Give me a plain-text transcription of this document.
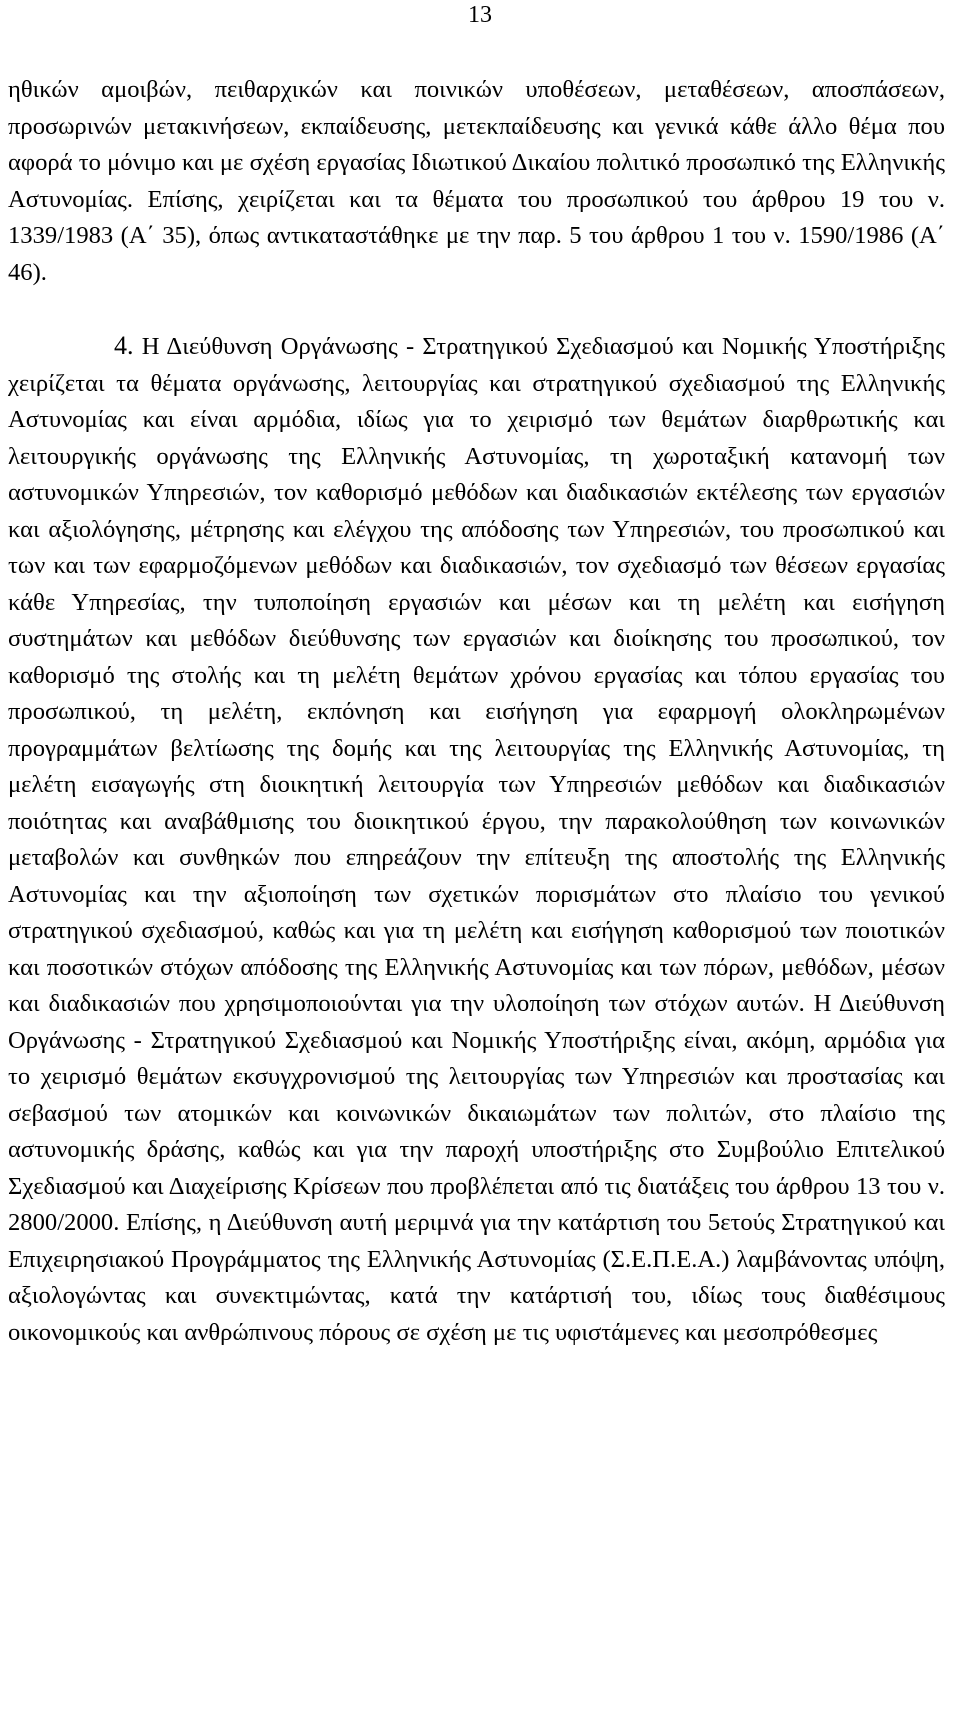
13

ηθικών αμοιβών, πειθαρχικών και ποινικών υποθέσεων, μεταθέσεων, αποσπάσεων, προσωρινών μετακινήσεων, εκπαίδευσης, μετεκπαίδευσης και γενικά κάθε άλλο θέμα που αφορά το μόνιμο και με σχέση εργασίας Ιδιωτικού Δικαίου πολιτικό προσωπικό της Ελληνικής Αστυνομίας. Επίσης, χειρίζεται και τα θέματα του προσωπικού του άρθρου 19 του ν. 1339/1983 (Α΄ 35), όπως αντικαταστάθηκε με την παρ. 5 του άρθρου 1 του ν. 1590/1986 (Α΄ 46).

4. Η Διεύθυνση Οργάνωσης - Στρατηγικού Σχεδιασμού και Νομικής Υποστήριξης χειρίζεται τα θέματα οργάνωσης, λειτουργίας και στρατηγικού σχεδιασμού της Ελληνικής Αστυνομίας και είναι αρμόδια, ιδίως για το χειρισμό των θεμάτων διαρθρωτικής και λειτουργικής οργάνωσης της Ελληνικής Αστυνομίας, τη χωροταξική κατανομή των αστυνομικών Υπηρεσιών, τον καθορισμό μεθόδων και διαδικασιών εκτέλεσης των εργασιών και αξιολόγησης, μέτρησης και ελέγχου της απόδοσης των Υπηρεσιών, του προσωπικού και των και των εφαρμοζόμενων μεθόδων και διαδικασιών, τον σχεδιασμό των θέσεων εργασίας κάθε Υπηρεσίας, την τυποποίηση εργασιών και μέσων και τη μελέτη και εισήγηση συστημάτων και μεθόδων διεύθυνσης των εργασιών και διοίκησης του προσωπικού, τον καθορισμό της στολής και τη μελέτη θεμάτων χρόνου εργασίας και τόπου εργασίας του προσωπικού, τη μελέτη, εκπόνηση και εισήγηση για εφαρμογή ολοκληρωμένων προγραμμάτων βελτίωσης της δομής και της λειτουργίας της Ελληνικής Αστυνομίας, τη μελέτη εισαγωγής στη διοικητική λειτουργία των Υπηρεσιών μεθόδων και διαδικασιών ποιότητας και αναβάθμισης του διοικητικού έργου, την παρακολούθηση των κοινωνικών μεταβολών και συνθηκών που επηρεάζουν την επίτευξη της αποστολής της Ελληνικής Αστυνομίας και την αξιοποίηση των σχετικών πορισμάτων στο πλαίσιο του γενικού στρατηγικού σχεδιασμού, καθώς και για τη μελέτη και εισήγηση καθορισμού των ποιοτικών και ποσοτικών στόχων απόδοσης της Ελληνικής Αστυνομίας και των πόρων, μεθόδων, μέσων και διαδικασιών που χρησιμοποιούνται για την υλοποίηση των στόχων αυτών. Η Διεύθυνση Οργάνωσης - Στρατηγικού Σχεδιασμού και Νομικής Υποστήριξης είναι, ακόμη, αρμόδια για το χειρισμό θεμάτων εκσυγχρονισμού της λειτουργίας των Υπηρεσιών και προστασίας και σεβασμού των ατομικών και κοινωνικών δικαιωμάτων των πολιτών, στο πλαίσιο της αστυνομικής δράσης, καθώς και για την παροχή υποστήριξης στο Συμβούλιο Επιτελικού Σχεδιασμού και Διαχείρισης Κρίσεων που προβλέπεται από τις διατάξεις του άρθρου 13 του ν. 2800/2000. Επίσης, η Διεύθυνση αυτή μεριμνά για την κατάρτιση του 5ετούς Στρατηγικού και Επιχειρησιακού Προγράμματος της Ελληνικής Αστυνομίας (Σ.Ε.Π.Ε.Α.) λαμβάνοντας υπόψη, αξιολογώντας και συνεκτιμώντας, κατά την κατάρτισή του, ιδίως τους διαθέσιμους οικονομικούς και ανθρώπινους πόρους σε σχέση με τις υφιστάμενες και μεσοπρόθεσμες
